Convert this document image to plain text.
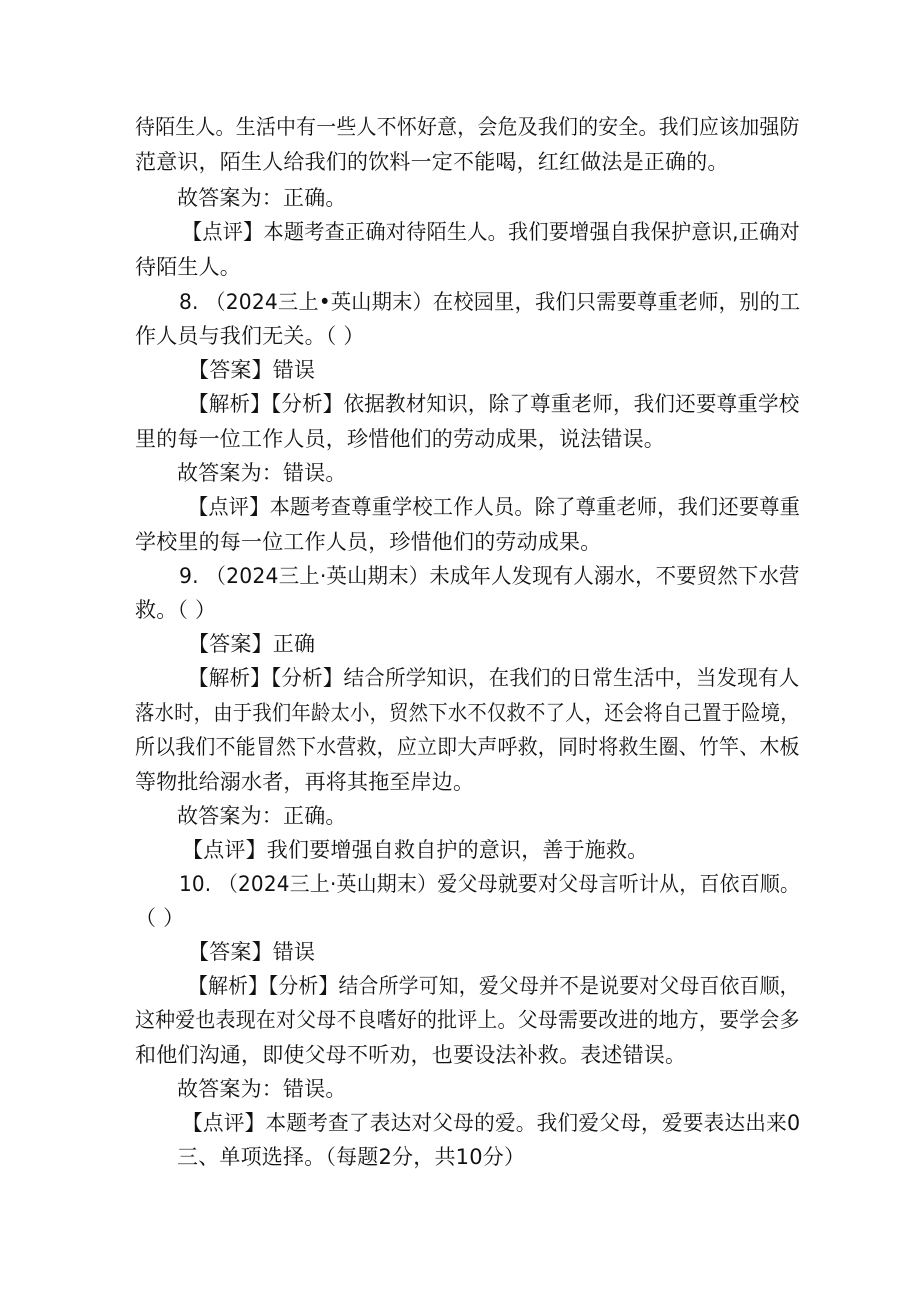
待陌生人。生活中有一些人不怀好意，会危及我们的安全。我们应该加强防
范意识，陌生人给我们的饮料一定不能喝，红红做法是正确的。
故答案为：正确。
【点评】本题考查正确对待陌生人。我们要增强自我保护意识,正确对
待陌生人。
8. （2024三上•英山期末）在校园里，我们只需要尊重老师，别的工
作人员与我们无关。（ ）
【答案】错误
【解析】【分析】依据教材知识，除了尊重老师，我们还要尊重学校
里的每一位工作人员，珍惜他们的劳动成果，说法错误。
故答案为：错误。
【点评】本题考查尊重学校工作人员。除了尊重老师，我们还要尊重
学校里的每一位工作人员，珍惜他们的劳动成果。
9. （2024三上·英山期末）未成年人发现有人溺水，不要贸然下水营
救。（ ）
【答案】正确
【解析】【分析】结合所学知识，在我们的日常生活中，当发现有人
落水时，由于我们年龄太小，贸然下水不仅救不了人，还会将自己置于险境，
所以我们不能冒然下水营救，应立即大声呼救，同时将救生圈、竹竿、木板
等物批给溺水者，再将其拖至岸边。
故答案为：正确。
【点评】我们要增强自救自护的意识，善于施救。
10. （2024三上·英山期末）爱父母就要对父母言听计从，百依百顺。
（ ）
【答案】错误
【解析】【分析】结合所学可知，爱父母并不是说要对父母百依百顺，
这种爱也表现在对父母不良嗜好的批评上。父母需要改进的地方，要学会多
和他们沟通，即使父母不听劝，也要设法补救。表述错误。
故答案为：错误。
【点评】本题考查了表达对父母的爱。我们爱父母，爱要表达出来0
三、单项选择。（每题2分，共10分）
